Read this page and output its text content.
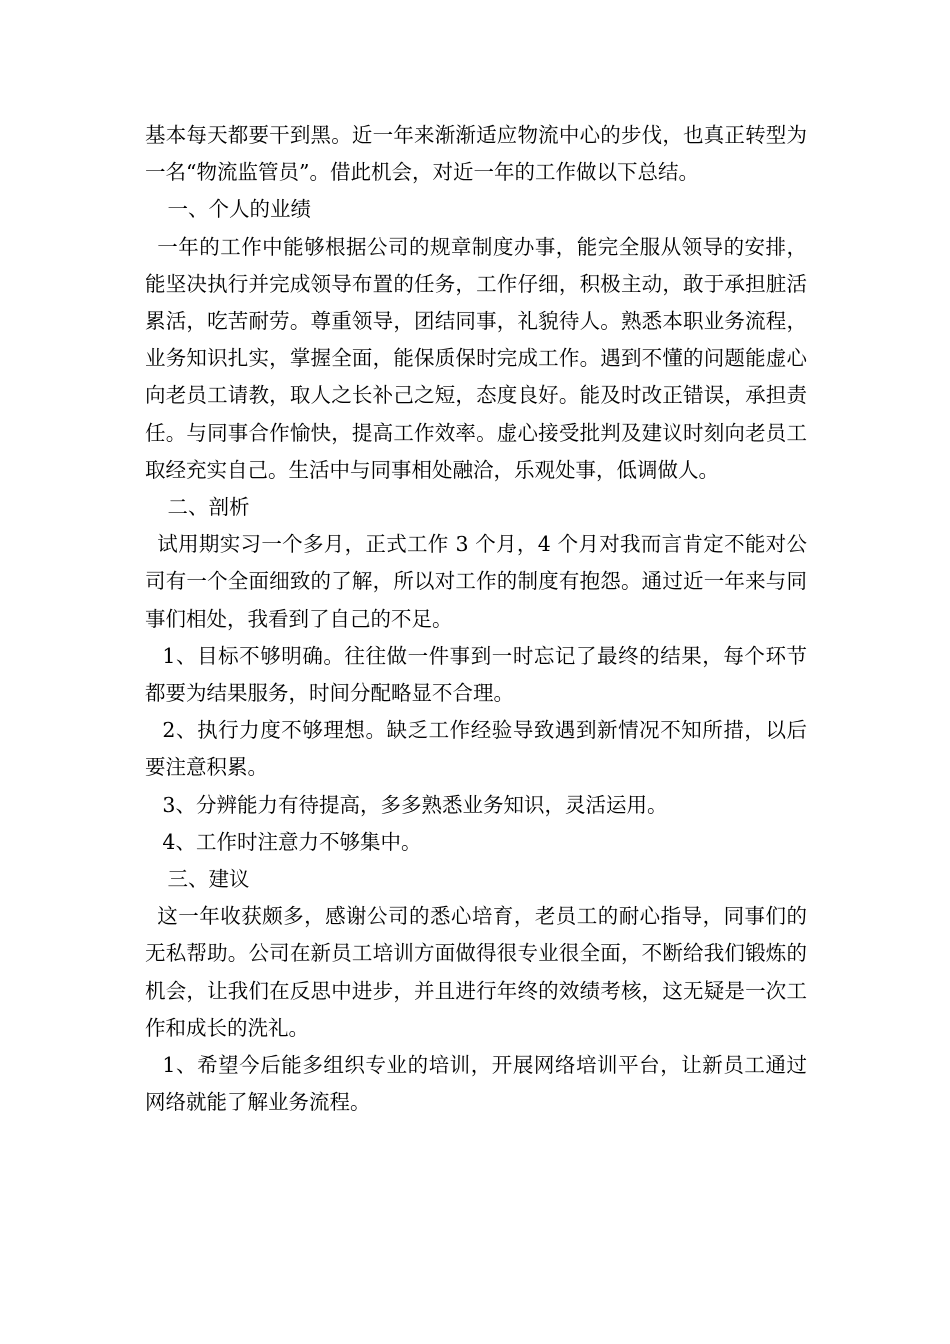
基本每天都要干到黑。近一年来渐渐适应物流中心的步伐，也真正转型为一名“物流监管员”。借此机会，对近一年的工作做以下总结。

一、个人的业绩

一年的工作中能够根据公司的规章制度办事，能完全服从领导的安排，能坚决执行并完成领导布置的任务，工作仔细，积极主动，敢于承担脏活累活，吃苦耐劳。尊重领导，团结同事，礼貌待人。熟悉本职业务流程，业务知识扎实，掌握全面，能保质保时完成工作。遇到不懂的问题能虚心向老员工请教，取人之长补己之短，态度良好。能及时改正错误，承担责任。与同事合作愉快，提高工作效率。虚心接受批判及建议时刻向老员工取经充实自己。生活中与同事相处融洽，乐观处事，低调做人。

二、剖析

试用期实习一个多月，正式工作 3 个月，4 个月对我而言肯定不能对公司有一个全面细致的了解，所以对工作的制度有抱怨。通过近一年来与同事们相处，我看到了自己的不足。

1、目标不够明确。往往做一件事到一时忘记了最终的结果，每个环节都要为结果服务，时间分配略显不合理。

2、执行力度不够理想。缺乏工作经验导致遇到新情况不知所措，以后要注意积累。

3、分辨能力有待提高，多多熟悉业务知识，灵活运用。

4、工作时注意力不够集中。

三、建议

这一年收获颇多，感谢公司的悉心培育，老员工的耐心指导，同事们的无私帮助。公司在新员工培训方面做得很专业很全面，不断给我们锻炼的机会，让我们在反思中进步，并且进行年终的效绩考核，这无疑是一次工作和成长的洗礼。

1、希望今后能多组织专业的培训，开展网络培训平台，让新员工通过网络就能了解业务流程。
